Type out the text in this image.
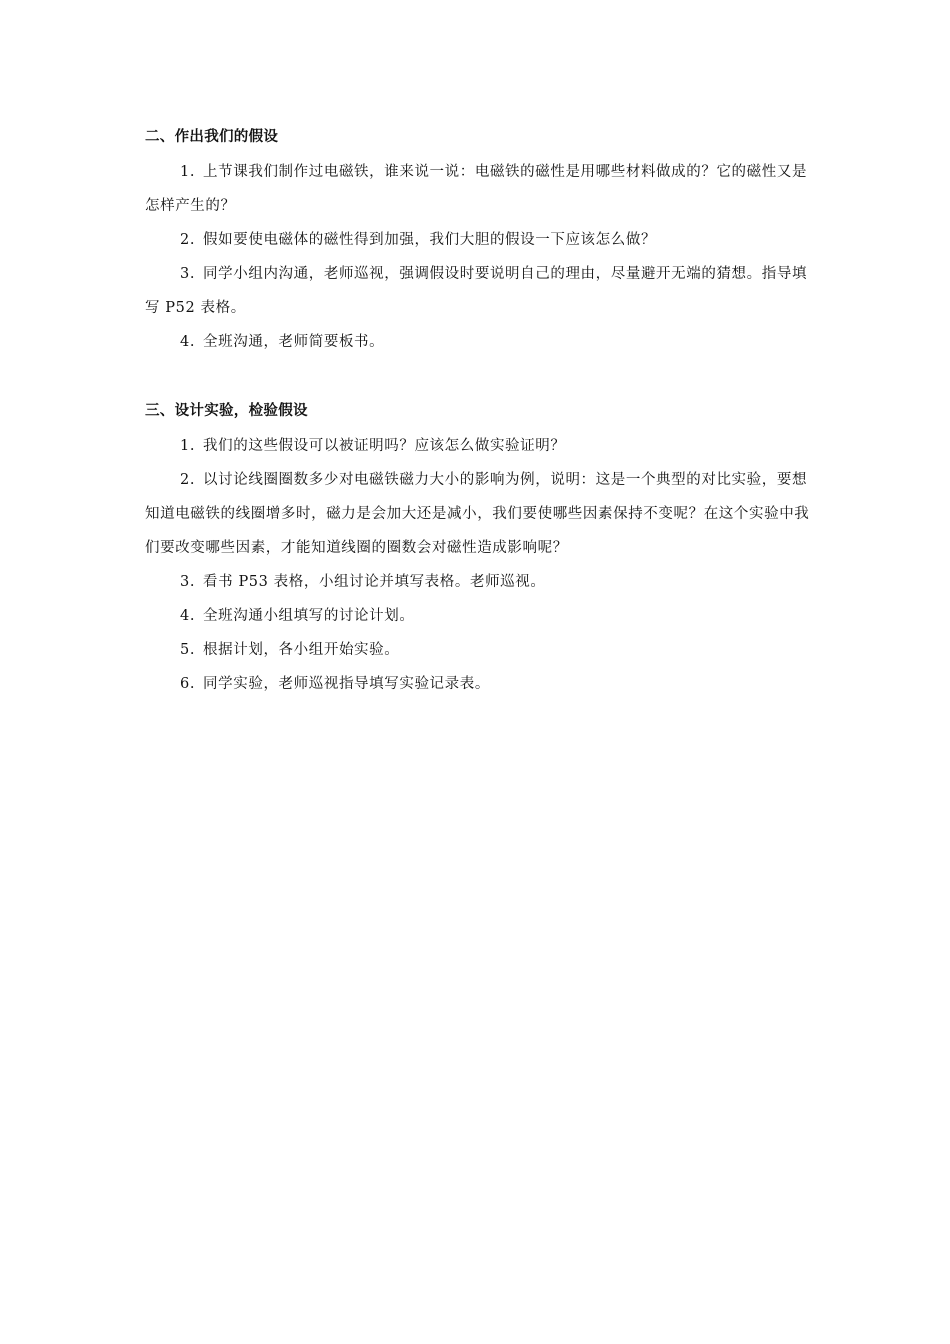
二、作出我们的假设

1. 上节课我们制作过电磁铁，谁来说一说：电磁铁的磁性是用哪些材料做成的？它的磁性又是怎样产生的？

2. 假如要使电磁体的磁性得到加强，我们大胆的假设一下应该怎么做？

3. 同学小组内沟通，老师巡视，强调假设时要说明自己的理由，尽量避开无端的猜想。指导填写 P52 表格。

4. 全班沟通，老师简要板书。

三、设计实验，检验假设

1. 我们的这些假设可以被证明吗？应该怎么做实验证明？

2. 以讨论线圈圈数多少对电磁铁磁力大小的影响为例，说明：这是一个典型的对比实验，要想知道电磁铁的线圈增多时，磁力是会加大还是减小，我们要使哪些因素保持不变呢？在这个实验中我们要改变哪些因素，才能知道线圈的圈数会对磁性造成影响呢？

3. 看书 P53 表格，小组讨论并填写表格。老师巡视。

4. 全班沟通小组填写的讨论计划。

5. 根据计划，各小组开始实验。

6. 同学实验，老师巡视指导填写实验记录表。
